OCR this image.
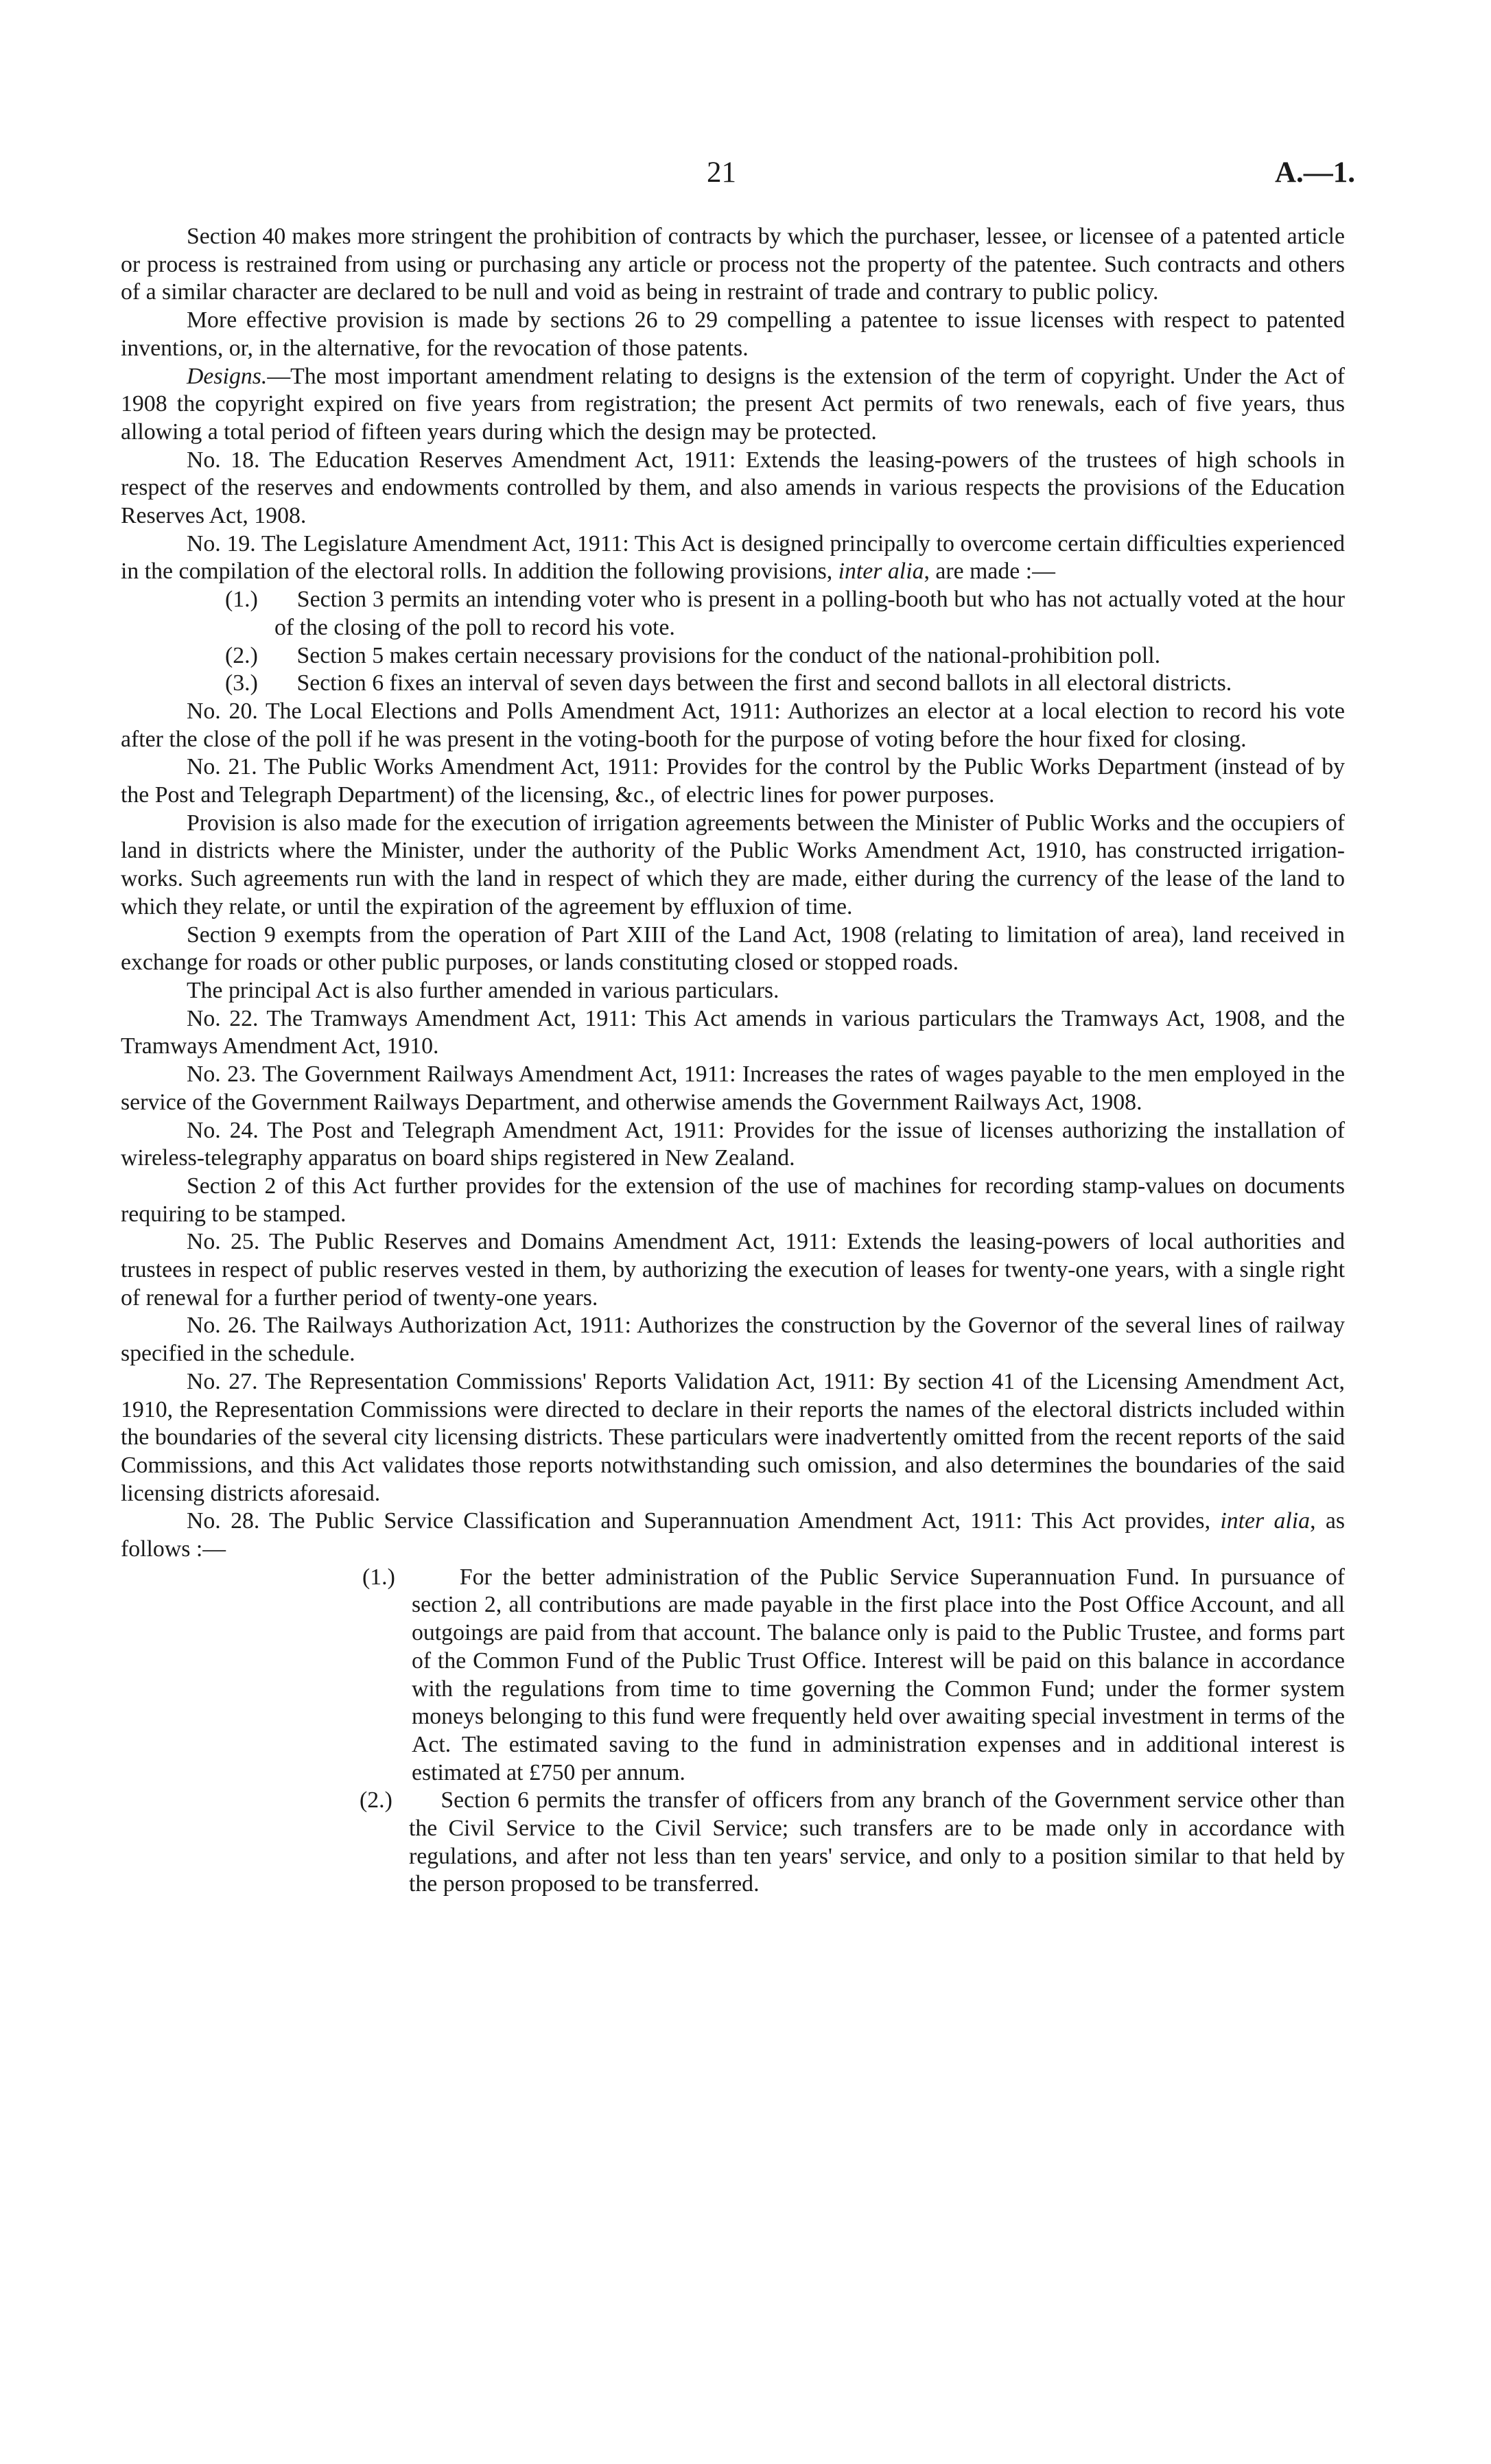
21	A.—1.

Section 40 makes more stringent the prohibition of contracts by which the purchaser, lessee, or licensee of a patented article or process is restrained from using or purchasing any article or process not the property of the patentee. Such contracts and others of a similar character are declared to be null and void as being in restraint of trade and contrary to public policy.

More effective provision is made by sections 26 to 29 compelling a patentee to issue licenses with respect to patented inventions, or, in the alternative, for the revocation of those patents.

Designs.—The most important amendment relating to designs is the extension of the term of copyright. Under the Act of 1908 the copyright expired on five years from registration; the present Act permits of two renewals, each of five years, thus allowing a total period of fifteen years during which the design may be protected.

No. 18. The Education Reserves Amendment Act, 1911: Extends the leasing-powers of the trustees of high schools in respect of the reserves and endowments controlled by them, and also amends in various respects the provisions of the Education Reserves Act, 1908.

No. 19. The Legislature Amendment Act, 1911: This Act is designed principally to overcome certain difficulties experienced in the compilation of the electoral rolls. In addition the following provisions, inter alia, are made :—

(1.) Section 3 permits an intending voter who is present in a polling-booth but who has not actually voted at the hour of the closing of the poll to record his vote.

(2.) Section 5 makes certain necessary provisions for the conduct of the national-prohibition poll.

(3.) Section 6 fixes an interval of seven days between the first and second ballots in all electoral districts.

No. 20. The Local Elections and Polls Amendment Act, 1911: Authorizes an elector at a local election to record his vote after the close of the poll if he was present in the voting-booth for the purpose of voting before the hour fixed for closing.

No. 21. The Public Works Amendment Act, 1911: Provides for the control by the Public Works Department (instead of by the Post and Telegraph Department) of the licensing, &c., of electric lines for power purposes.

Provision is also made for the execution of irrigation agreements between the Minister of Public Works and the occupiers of land in districts where the Minister, under the authority of the Public Works Amendment Act, 1910, has constructed irrigation-works. Such agreements run with the land in respect of which they are made, either during the currency of the lease of the land to which they relate, or until the expiration of the agreement by effluxion of time.

Section 9 exempts from the operation of Part XIII of the Land Act, 1908 (relating to limitation of area), land received in exchange for roads or other public purposes, or lands constituting closed or stopped roads.

The principal Act is also further amended in various particulars.

No. 22. The Tramways Amendment Act, 1911: This Act amends in various particulars the Tramways Act, 1908, and the Tramways Amendment Act, 1910.

No. 23. The Government Railways Amendment Act, 1911: Increases the rates of wages payable to the men employed in the service of the Government Railways Department, and otherwise amends the Government Railways Act, 1908.

No. 24. The Post and Telegraph Amendment Act, 1911: Provides for the issue of licenses authorizing the installation of wireless-telegraphy apparatus on board ships registered in New Zealand.

Section 2 of this Act further provides for the extension of the use of machines for recording stamp-values on documents requiring to be stamped.

No. 25. The Public Reserves and Domains Amendment Act, 1911: Extends the leasing-powers of local authorities and trustees in respect of public reserves vested in them, by authorizing the execution of leases for twenty-one years, with a single right of renewal for a further period of twenty-one years.

No. 26. The Railways Authorization Act, 1911: Authorizes the construction by the Governor of the several lines of railway specified in the schedule.

No. 27. The Representation Commissions' Reports Validation Act, 1911: By section 41 of the Licensing Amendment Act, 1910, the Representation Commissions were directed to declare in their reports the names of the electoral districts included within the boundaries of the several city licensing districts. These particulars were inadvertently omitted from the recent reports of the said Commissions, and this Act validates those reports notwithstanding such omission, and also determines the boundaries of the said licensing districts aforesaid.

No. 28. The Public Service Classification and Superannuation Amendment Act, 1911: This Act provides, inter alia, as follows :—

(1.)	For the better administration of the Public Service Superannuation Fund. In pursuance of section 2, all contributions are made payable in the first place into the Post Office Account, and all outgoings are paid from that account. The balance only is paid to the Public Trustee, and forms part of the Common Fund of the Public Trust Office. Interest will be paid on this balance in accordance with the regulations from time to time governing the Common Fund; under the former system moneys belonging to this fund were frequently held over awaiting special investment in terms of the Act. The estimated saving to the fund in administration expenses and in additional interest is estimated at £750 per annum.

(2.) Section 6 permits the transfer of officers from any branch of the Government service other than the Civil Service to the Civil Service; such transfers are to be made only in accordance with regulations, and after not less than ten years' service, and only to a position similar to that held by the person proposed to be transferred.
